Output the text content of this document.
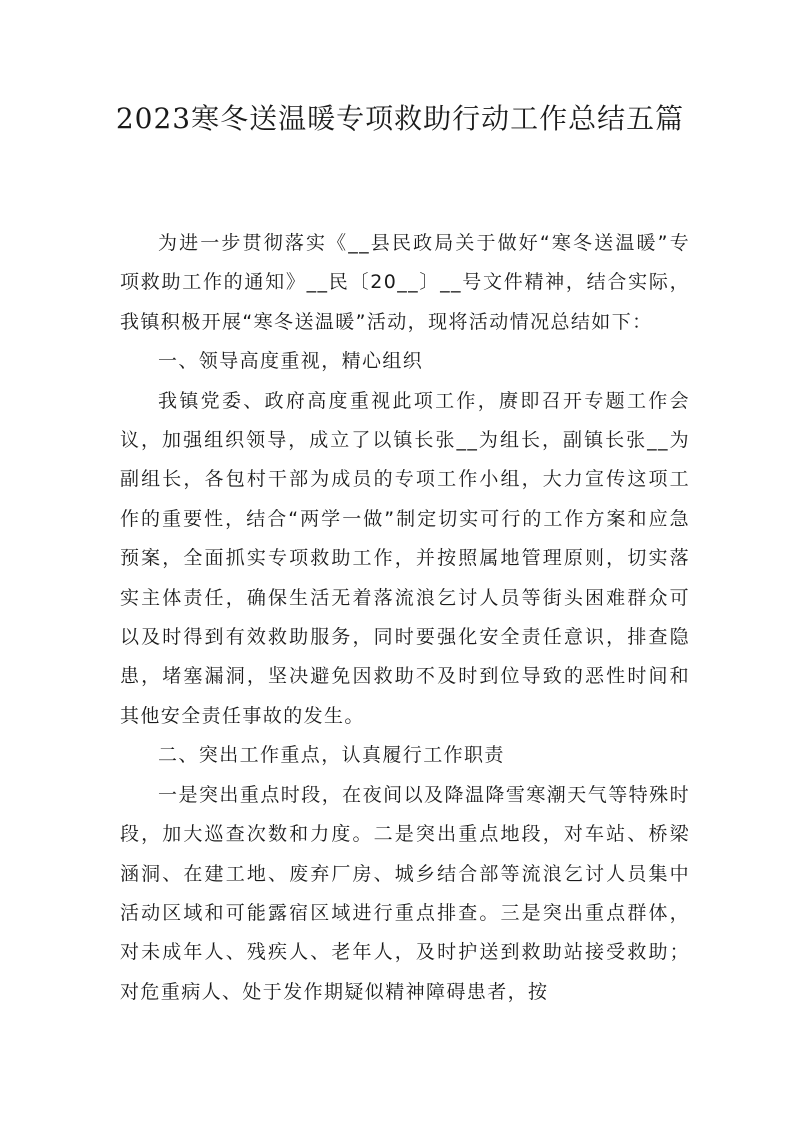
2023寒冬送温暖专项救助行动工作总结五篇

为进一步贯彻落实《__县民政局关于做好“寒冬送温暖”专项救助工作的通知》__民〔20__〕__号文件精神，结合实际，我镇积极开展“寒冬送温暖”活动，现将活动情况总结如下：

一、领导高度重视，精心组织

我镇党委、政府高度重视此项工作，赓即召开专题工作会议，加强组织领导，成立了以镇长张__为组长，副镇长张__为副组长，各包村干部为成员的专项工作小组，大力宣传这项工作的重要性，结合“两学一做”制定切实可行的工作方案和应急预案，全面抓实专项救助工作，并按照属地管理原则，切实落实主体责任，确保生活无着落流浪乞讨人员等街头困难群众可以及时得到有效救助服务，同时要强化安全责任意识，排查隐患，堵塞漏洞，坚决避免因救助不及时到位导致的恶性时间和其他安全责任事故的发生。

二、突出工作重点，认真履行工作职责

一是突出重点时段，在夜间以及降温降雪寒潮天气等特殊时段，加大巡查次数和力度。二是突出重点地段，对车站、桥梁涵洞、在建工地、废弃厂房、城乡结合部等流浪乞讨人员集中活动区域和可能露宿区域进行重点排查。三是突出重点群体，对未成年人、残疾人、老年人，及时护送到救助站接受救助；对危重病人、处于发作期疑似精神障碍患者，按
